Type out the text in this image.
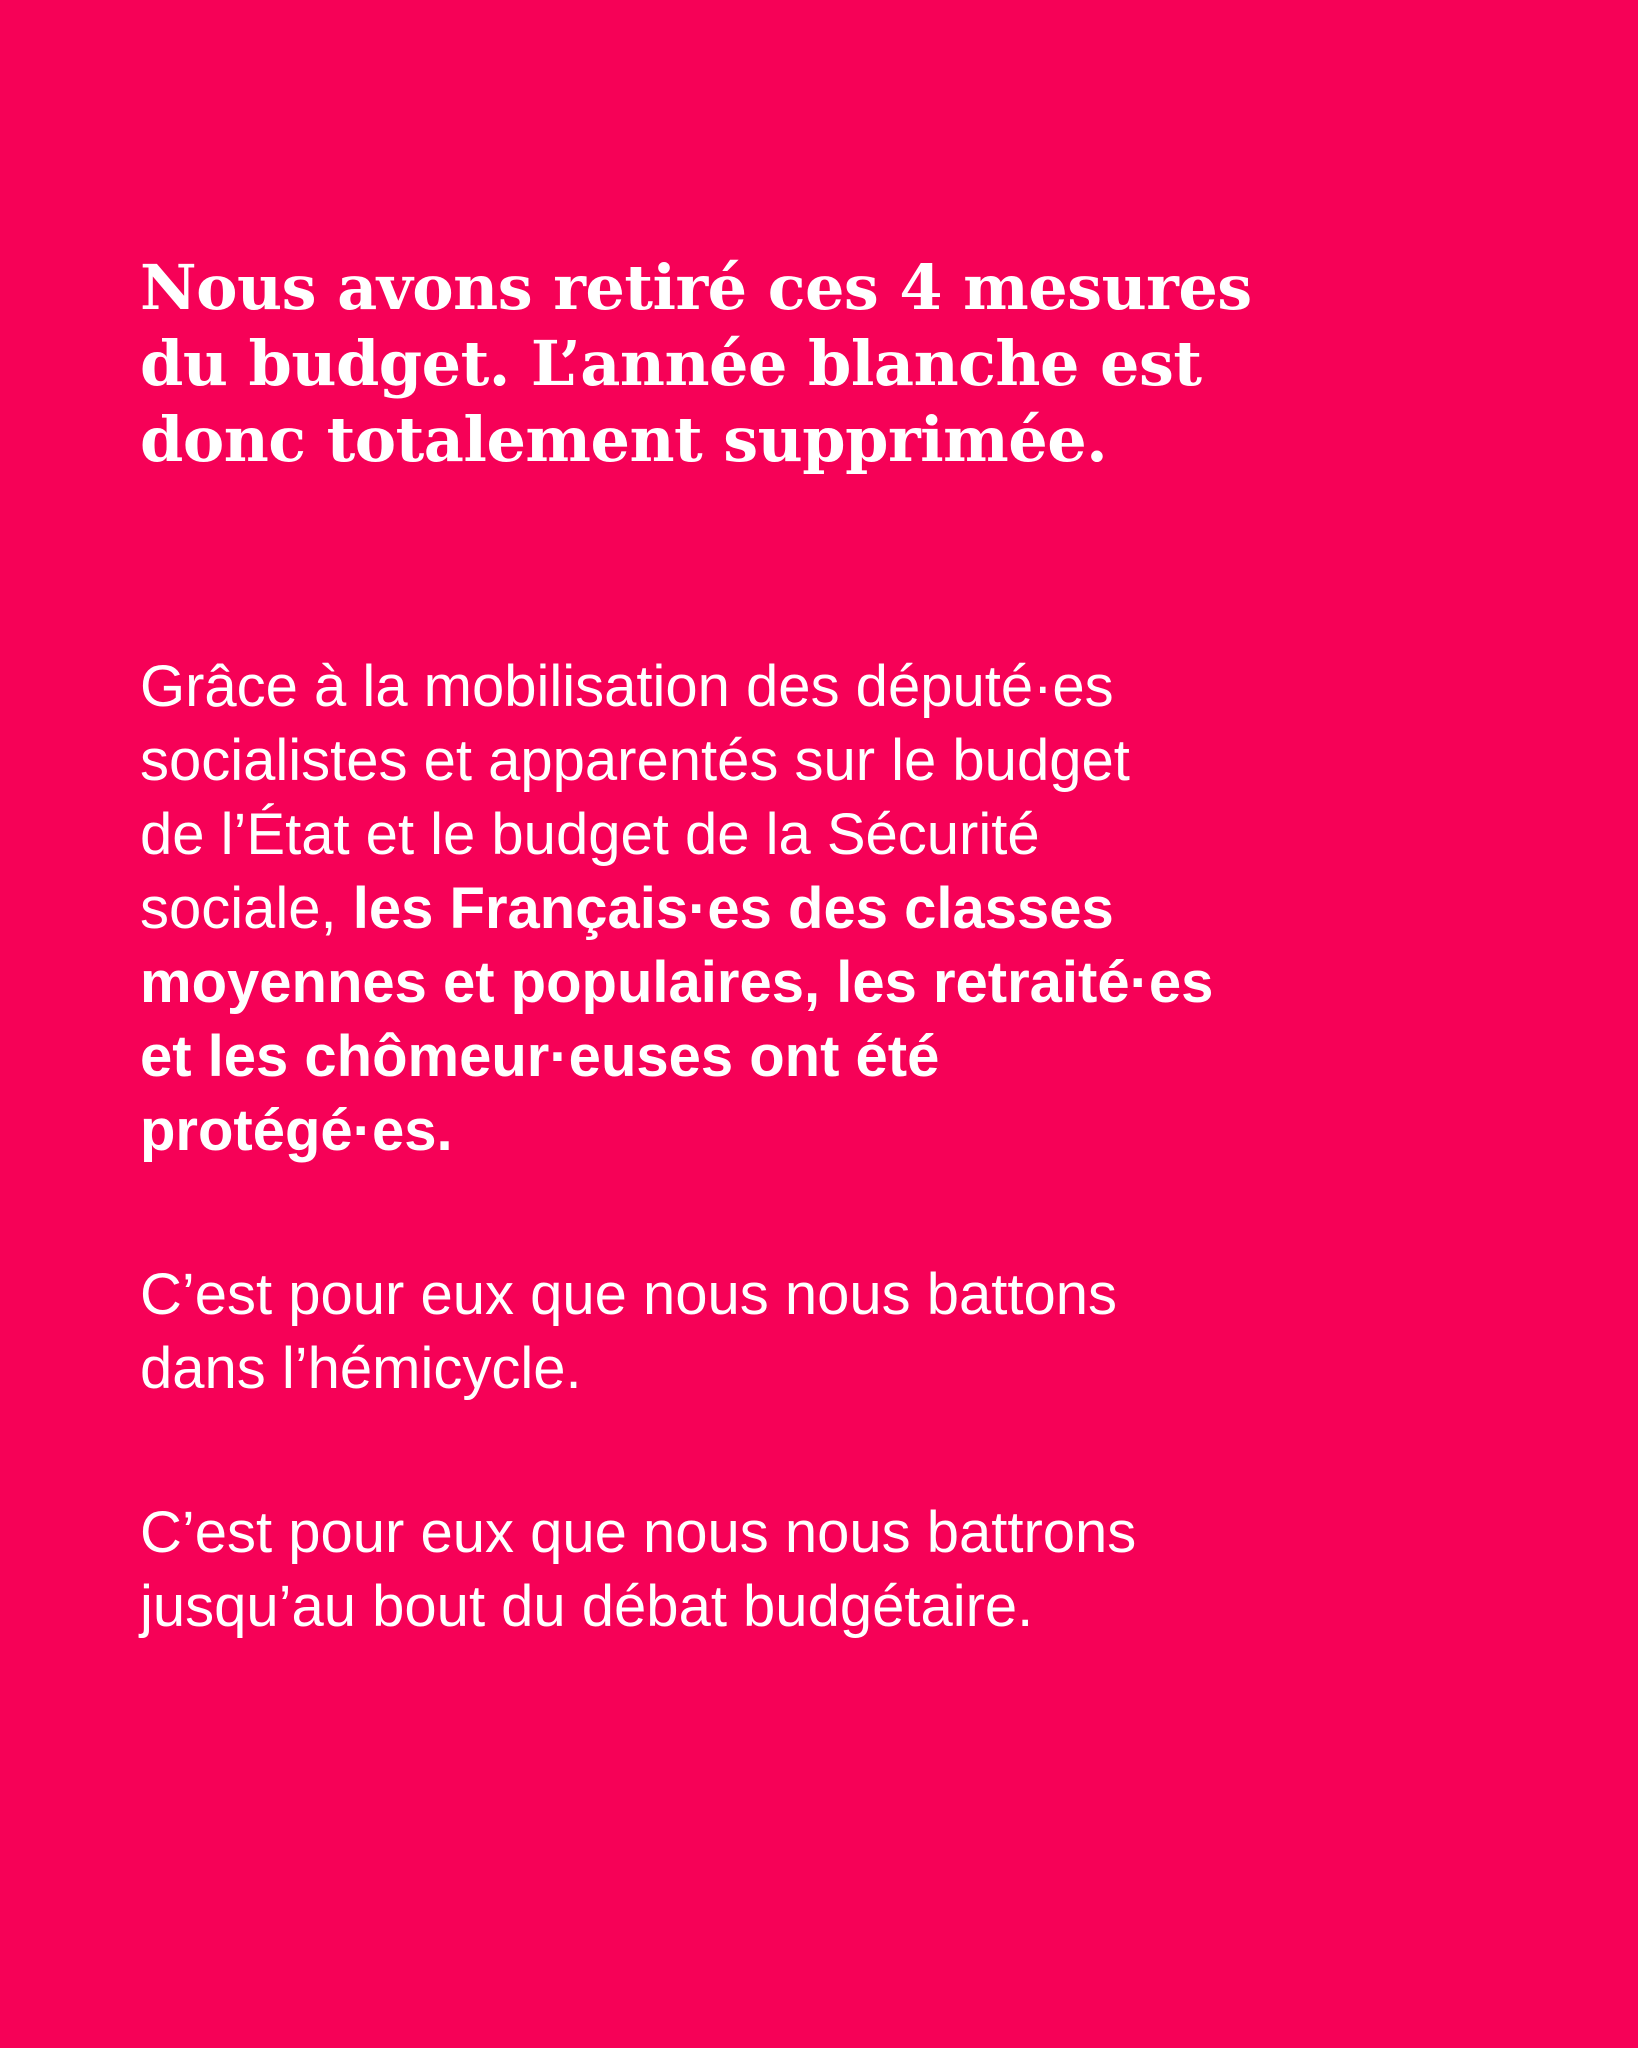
Nous avons retiré ces 4 mesures
du budget. L’année blanche est
donc totalement supprimée.

Grâce à la mobilisation des député·es
socialistes et apparentés sur le budget
de l’État et le budget de la Sécurité
sociale, les Français·es des classes
moyennes et populaires, les retraité·es
et les chômeur·euses ont été
protégé·es.

C’est pour eux que nous nous battons
dans l’hémicycle.

C’est pour eux que nous nous battrons
jusqu’au bout du débat budgétaire.
